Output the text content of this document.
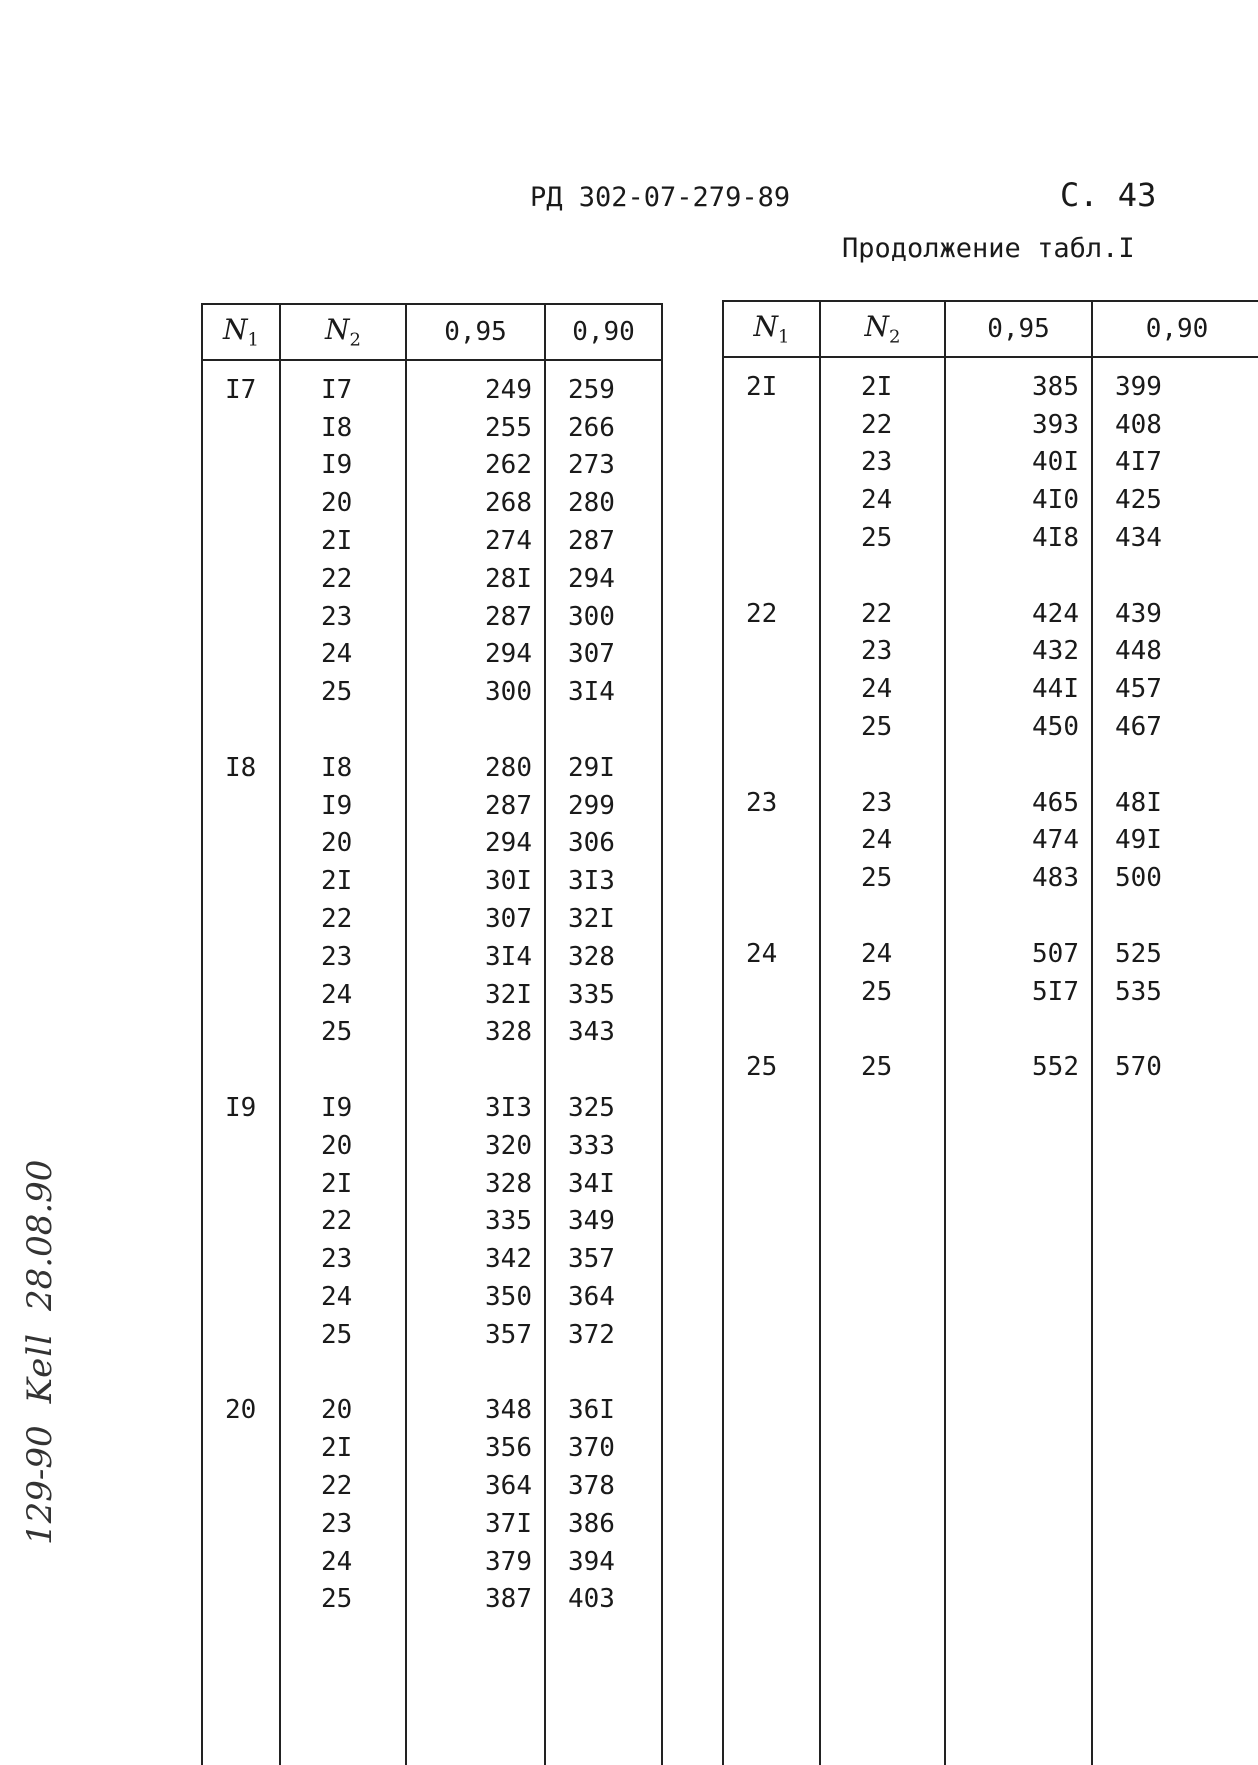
РД 302-07-279-89	С. 43
Продолжение табл.I
$N_1$	$N_2$	0,95	0,90
I7	I7	249	259
	I8	255	266
	I9	262	273
	20	268	280
	2I	274	287
	22	28I	294
	23	287	300
	24	294	307
	25	300	3I4

I8	I8	280	29I
	I9	287	299
	20	294	306
	2I	30I	3I3
	22	307	32I
	23	3I4	328
	24	32I	335
	25	328	343

I9	I9	3I3	325
	20	320	333
	2I	328	34I
	22	335	349
	23	342	357
	24	350	364
	25	357	372

20	20	348	36I
	2I	356	370
	22	364	378
	23	37I	386
	24	379	394
	25	387	403

$N_1$	$N_2$	0,95	0,90
2I	2I	385	399
	22	393	408
	23	40I	4I7
	24	4I0	425
	25	4I8	434

22	22	424	439
	23	432	448
	24	44I	457
	25	450	467

23	23	465	48I
	24	474	49I
	25	483	500

24	24	507	525
	25	5I7	535

25	25	552	570

129-90Kell28.08.90
